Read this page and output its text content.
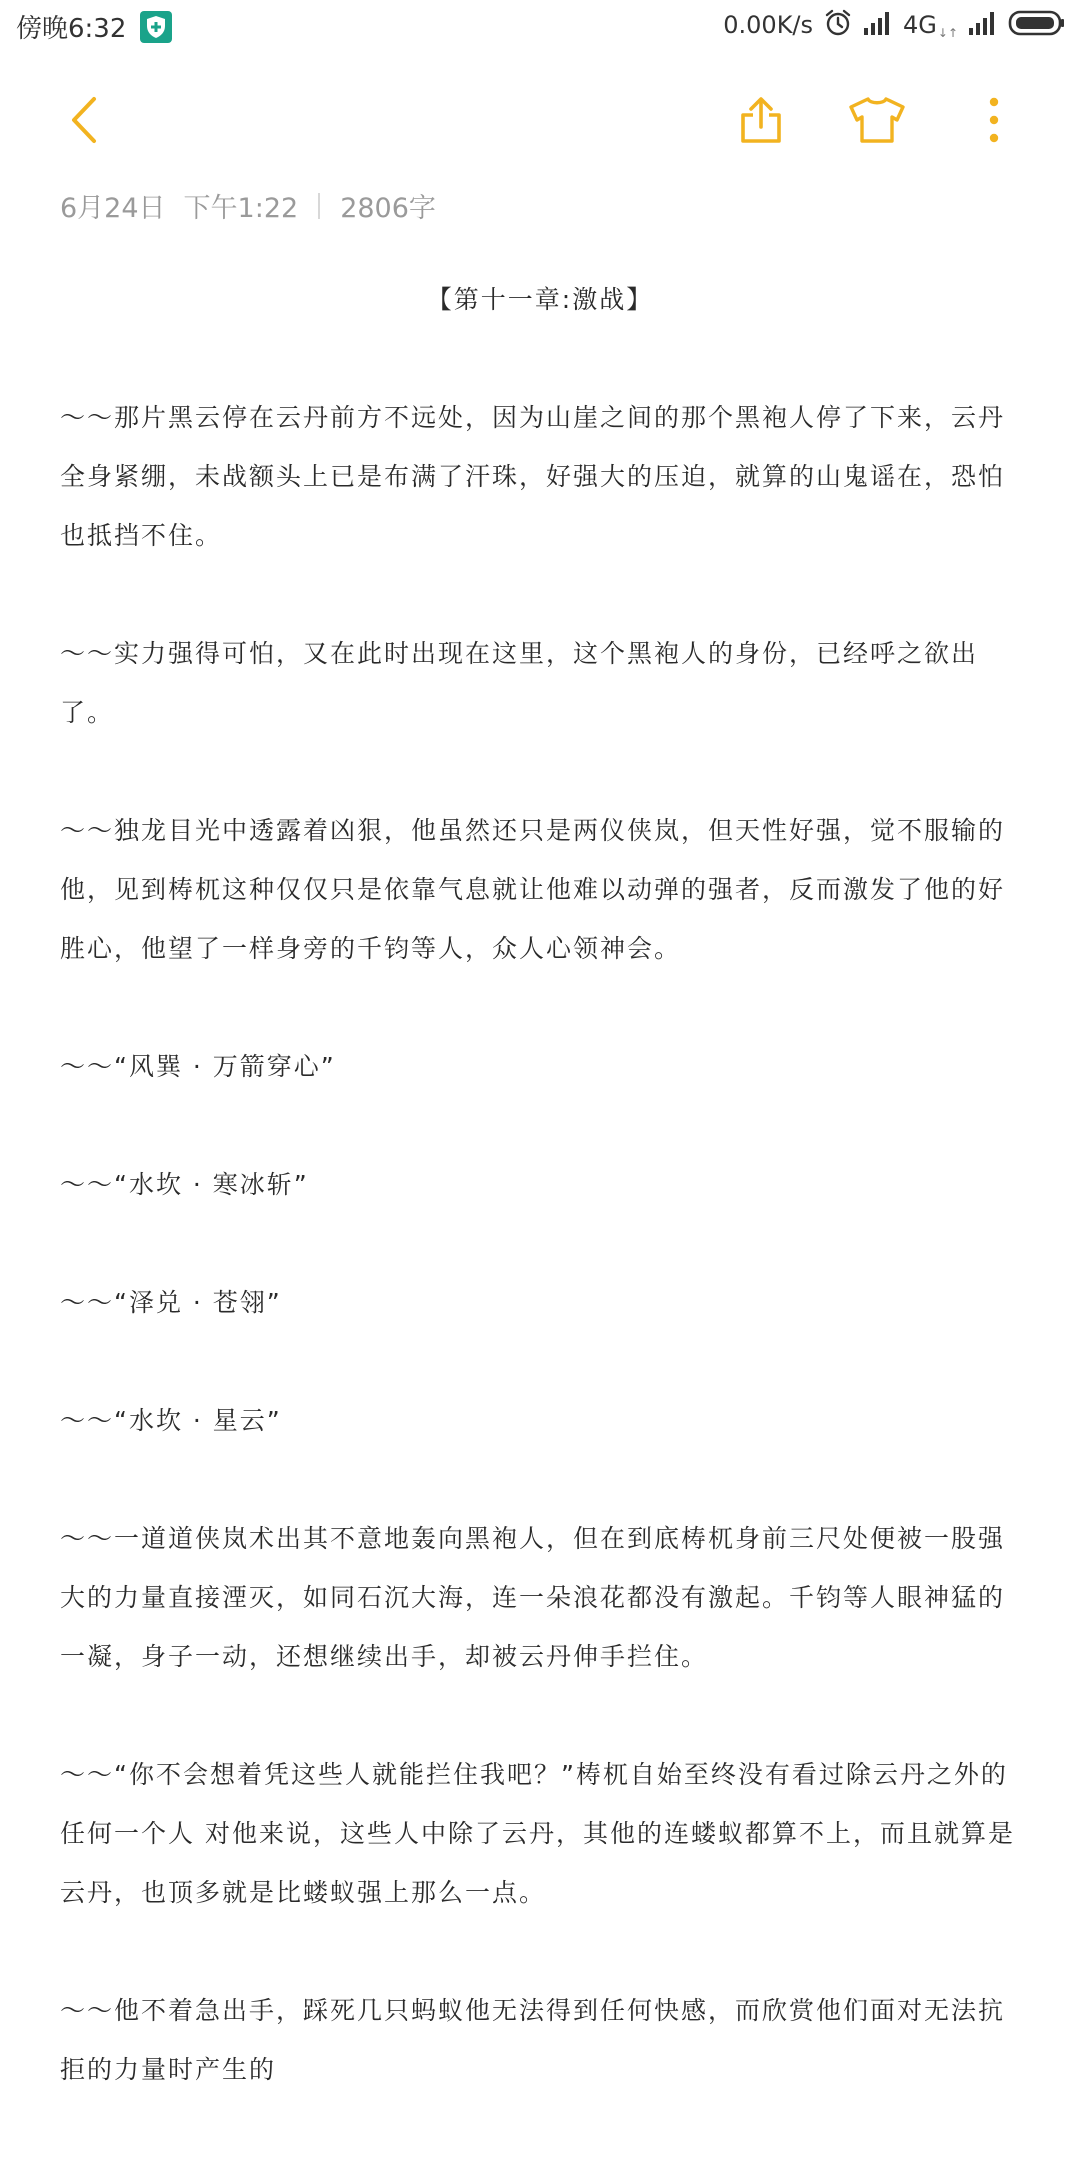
傍晚6:32	0.00K/s	4G↓↑
6月24日 下午1:22 2806字
【第十一章:激战】

～～那片黑云停在云丹前方不远处，因为山崖之间的那个黑袍人停了下来，云丹全身紧绷，未战额头上已是布满了汗珠，好强大的压迫，就算的山鬼谣在，恐怕也抵挡不住。

～～实力强得可怕，又在此时出现在这里，这个黑袍人的身份，已经呼之欲出了。

～～独龙目光中透露着凶狠，他虽然还只是两仪侠岚，但天性好强，觉不服输的他，见到梼杌这种仅仅只是依靠气息就让他难以动弹的强者，反而激发了他的好胜心，他望了一样身旁的千钧等人，众人心领神会。

～～“风巽 · 万箭穿心”

～～“水坎 · 寒冰斩”

～～“泽兑 · 苍翎”

～～“水坎 · 星云”

～～一道道侠岚术出其不意地轰向黑袍人，但在到底梼杌身前三尺处便被一股强大的力量直接湮灭，如同石沉大海，连一朵浪花都没有激起。千钧等人眼神猛的一凝，身子一动，还想继续出手，却被云丹伸手拦住。

～～“你不会想着凭这些人就能拦住我吧？”梼杌自始至终没有看过除云丹之外的任何一个人 对他来说，这些人中除了云丹，其他的连蝼蚁都算不上，而且就算是云丹，也顶多就是比蝼蚁强上那么一点。

～～他不着急出手，踩死几只蚂蚁他无法得到任何快感，而欣赏他们面对无法抗拒的力量时产生的
